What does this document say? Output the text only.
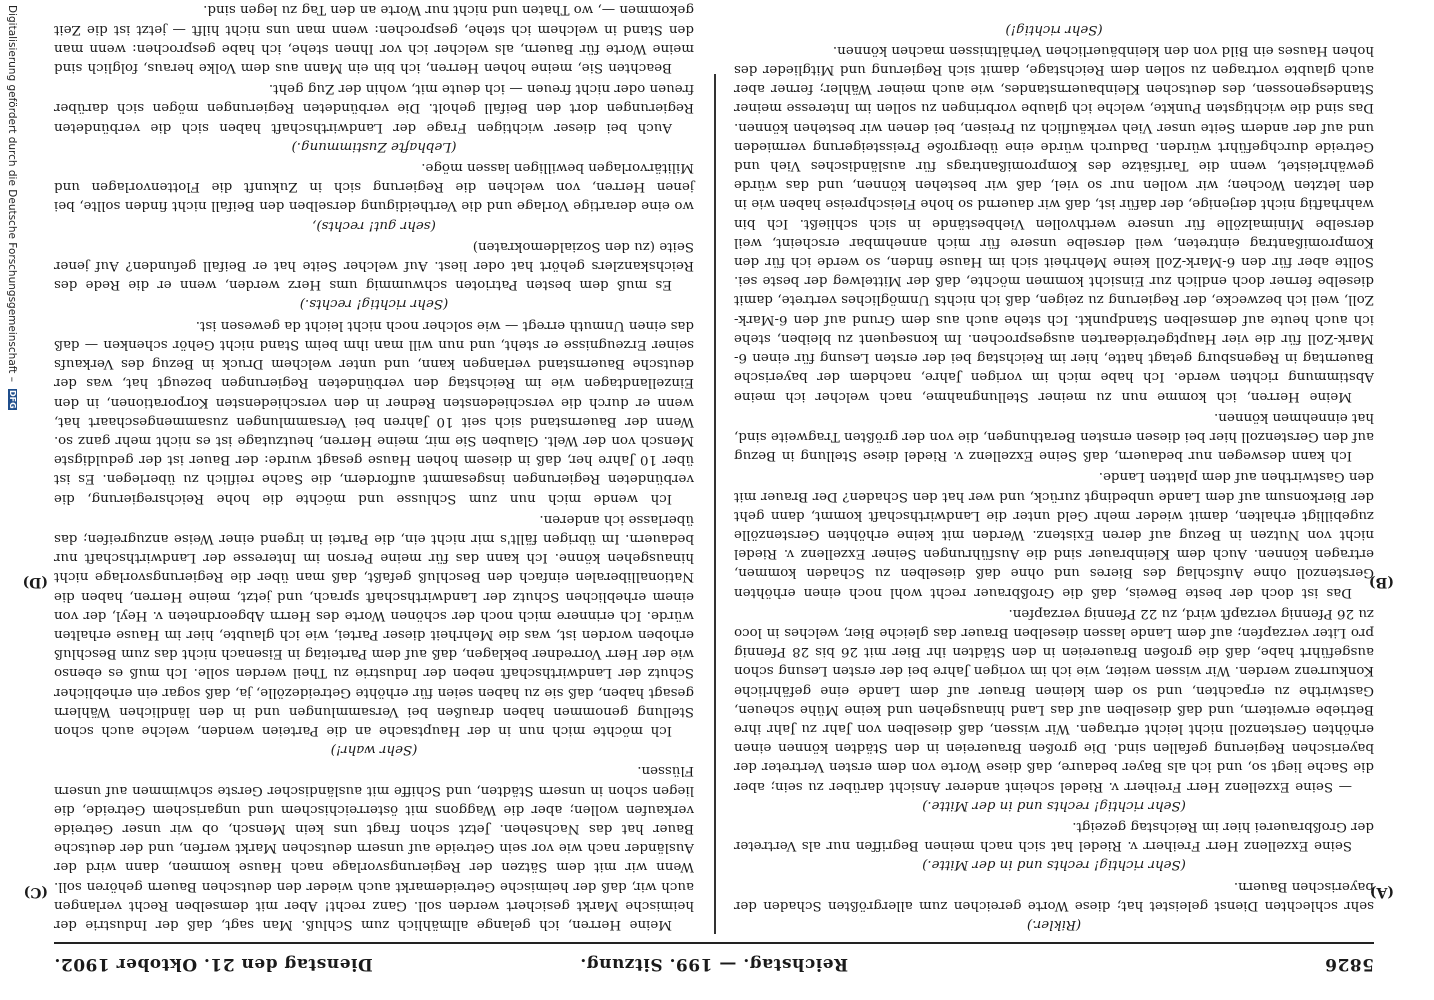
5826
Reichstag. — 199. Sitzung.
Dienstag den 21. Oktober 1902.
(A)
(B)
(C)
(D)
(Rikler.)

sehr schlechten Dienst geleistet hat; diese Worte gereichen zum allergrößten Schaden der bayerischen Bauern.

(Sehr richtig! rechts und in der Mitte.)

Seine Exzellenz Herr Freiherr v. Riedel hat sich nach meinen Begriffen nur als Vertreter der Großbrauerei hier im Reichstag gezeigt.

(Sehr richtig! rechts und in der Mitte.)

— Seine Exzellenz Herr Freiherr v. Riedel scheint anderer Ansicht darüber zu sein; aber die Sache liegt so, und ich als Bayer bedaure, daß diese Worte von dem ersten Vertreter der bayerischen Regierung gefallen sind. Die großen Brauereien in den Städten können einen erhöhten Gerstenzoll nicht leicht ertragen. Wir wissen, daß dieselben von Jahr zu Jahr ihre Betriebe erweitern, und daß dieselben auf das Land hinausgehen und keine Mühe scheuen, Gastwirthe zu erpachten, und so dem kleinen Brauer auf dem Lande eine gefährliche Konkurrenz werden. Wir wissen weiter, wie ich im vorigen Jahre bei der ersten Lesung schon ausgeführt habe, daß die großen Brauereien in den Städten ihr Bier mit 26 bis 28 Pfennig pro Liter verzapfen; auf dem Lande lassen dieselben Brauer das gleiche Bier, welches in loco zu 26 Pfennig verzapft wird, zu 22 Pfennig verzapfen.

Das ist doch der beste Beweis, daß die Großbrauer recht wohl noch einen erhöhten Gerstenzoll ohne Aufschlag des Bieres und ohne daß dieselben zu Schaden kommen, ertragen können. Auch dem Kleinbrauer sind die Ausführungen Seiner Exzellenz v. Riedel nicht von Nutzen in Bezug auf deren Existenz. Werden mit keine erhöhten Gerstenzölle zugebilligt erhalten, damit wieder mehr Geld unter die Landwirthschaft kommt, dann geht der Bierkonsum auf dem Lande unbedingt zurück, und wer hat den Schaden? Der Brauer mit den Gastwirthen auf dem platten Lande.

Ich kann deswegen nur bedauern, daß Seine Exzellenz v. Riedel diese Stellung in Bezug auf den Gerstenzoll hier bei diesen ernsten Berathungen, die von der größten Tragweite sind, hat einnehmen können.

Meine Herren, ich komme nun zu meiner Stellungnahme, nach welcher ich meine Abstimmung richten werde. Ich habe mich im vorigen Jahre, nachdem der bayerische Bauerntag in Regensburg getagt hatte, hier im Reichstag bei der ersten Lesung für einen 6-Mark-Zoll für die vier Hauptgetreidearten ausgesprochen. Im konsequent zu bleiben, stehe ich auch heute auf demselben Standpunkt. Ich stehe auch aus dem Grund auf den 6-Mark-Zoll, weil ich bezwecke, der Regierung zu zeigen, daß ich nichts Unmögliches vertrete, damit dieselbe ferner doch endlich zur Einsicht kommen möchte, daß der Mittelweg der beste sei. Sollte aber für den 6-Mark-Zoll keine Mehrheit sich im Hause finden, so werde ich für den Kompromißantrag eintreten, weil derselbe unsere für mich annehmbar erscheint, weil derselbe Minimalzölle für unsere werthvollen Viehbestände in sich schließt. Ich bin wahrhaftig nicht derjenige, der dafür ist, daß wir dauernd so hohe Fleischpreise haben wie in den letzten Wochen; wir wollen nur so viel, daß wir bestehen können, und das würde gewährleistet, wenn die Tarifsätze des Kompromißantrags für ausländisches Vieh und Getreide durchgeführt würden. Dadurch würde eine übergroße Preissteigerung vermieden und auf der andern Seite unser Vieh verkäuflich zu Preisen, bei denen wir bestehen können. Das sind die wichtigsten Punkte, welche ich glaube vorbringen zu sollen im Interesse meiner Standesgenossen, des deutschen Kleinbauernstandes, wie auch meiner Wähler; ferner aber auch glaubte vortragen zu sollen dem Reichstage, damit sich Regierung und Mitglieder des hohen Hauses ein Bild von den kleinbäuerlichen Verhältnissen machen können.

(Sehr richtig!)

Meine Herren, ich gelange allmählich zum Schluß. Man sagt, daß der Industrie der heimische Markt gesichert werden soll. Ganz recht! Aber mit demselben Recht verlangen auch wir, daß der heimische Getreidemarkt auch wieder den deutschen Bauern gehören soll. Wenn wir mit dem Sätzen der Regierungsvorlage nach Hause kommen, dann wird der Ausländer nach wie vor sein Getreide auf unsern deutschen Markt werfen, und der deutsche Bauer hat das Nachsehen. Jetzt schon fragt uns kein Mensch, ob wir unser Getreide verkaufen wollen; aber die Waggons mit österreichischem und ungarischem Getreide, die liegen schon in unsern Städten, und Schiffe mit ausländischer Gerste schwimmen auf unsern Flüssen.

(Sehr wahr!)

Ich möchte mich nun in der Hauptsache an die Parteien wenden, welche auch schon Stellung genommen haben draußen bei Versammlungen und in den ländlichen Wählern gesagt haben, daß sie zu haben seien für erhöhte Getreidezölle, ja, daß sogar ein erheblicher Schutz der Landwirthschaft neben der Industrie zu Theil werden solle. Ich muß es ebenso wie der Herr Vorredner beklagen, daß auf dem Parteitag in Eisenach nicht das zum Beschluß erhoben worden ist, was die Mehrheit dieser Partei, wie ich glaubte, hier im Hause erhalten würde. Ich erinnere mich noch der schönen Worte des Herrn Abgeordneten v. Heyl, der von einem erheblichen Schutz der Landwirthschaft sprach, und jetzt, meine Herren, haben die Nationalliberalen einfach den Beschluß gefaßt, daß man über die Regierungsvorlage nicht hinausgehen könne. Ich kann das für meine Person im Interesse der Landwirthschaft nur bedauern. Im übrigen fällt's mir nicht ein, die Partei in irgend einer Weise anzugreifen; das überlasse ich anderen.

Ich wende mich nun zum Schlusse und möchte die hohe Reichsregierung, die verbündeten Regierungen insgesammt auffordern, die Sache reiflich zu überlegen. Es ist über 10 Jahre her, daß in diesem hohen Hause gesagt wurde: der Bauer ist der geduldigste Mensch von der Welt. Glauben Sie mir, meine Herren, heutzutage ist es nicht mehr ganz so. Wenn der Bauernstand sich seit 10 Jahren bei Versammlungen zusammengeschaart hat, wenn er durch die verschiedensten Redner in den verschiedensten Korporationen, in den Einzellandtagen wie im Reichstag den verbündeten Regierungen bezeugt hat, was der deutsche Bauernstand verlangen kann, und unter welchem Druck in Bezug des Verkaufs seiner Erzeugnisse er steht, und nun will man ihm beim Stand nicht Gehör schenken — daß das einen Unmuth erregt — wie solcher noch nicht leicht da gewesen ist.

(Sehr richtig! rechts.)

Es muß dem besten Patrioten schwummig ums Herz werden, wenn er die Rede des Reichskanzlers gehört hat oder liest. Auf welcher Seite hat er Beifall gefunden? Auf jener Seite (zu den Sozialdemokraten)

(sehr gut! rechts),

wo eine derartige Vorlage und die Vertheidigung derselben den Beifall nicht finden sollte, bei jenen Herren, von welchen die Regierung sich in Zukunft die Flottenvorlagen und Militärvorlagen bewilligen lassen möge.

(Lebhafte Zustimmung.)

Auch bei dieser wichtigen Frage der Landwirthschaft haben sich die verbündeten Regierungen dort den Beifall geholt. Die verbündeten Regierungen mögen sich darüber freuen oder nicht freuen — ich deute mit, wohin der Zug geht.

Beachten Sie, meine hohen Herren, ich bin ein Mann aus dem Volke heraus, folglich sind meine Worte für Bauern, als welcher ich vor Ihnen stehe, ich habe gesprochen: wenn man den Stand in welchem ich stehe, gesprochen: wenn man uns nicht hilft — jetzt ist die Zeit gekommen —, wo Thaten und nicht nur Worte an den Tag zu legen sind.

Digitalisierung gefördert durch die Deutsche Forschungsgemeinschaft – DFG
